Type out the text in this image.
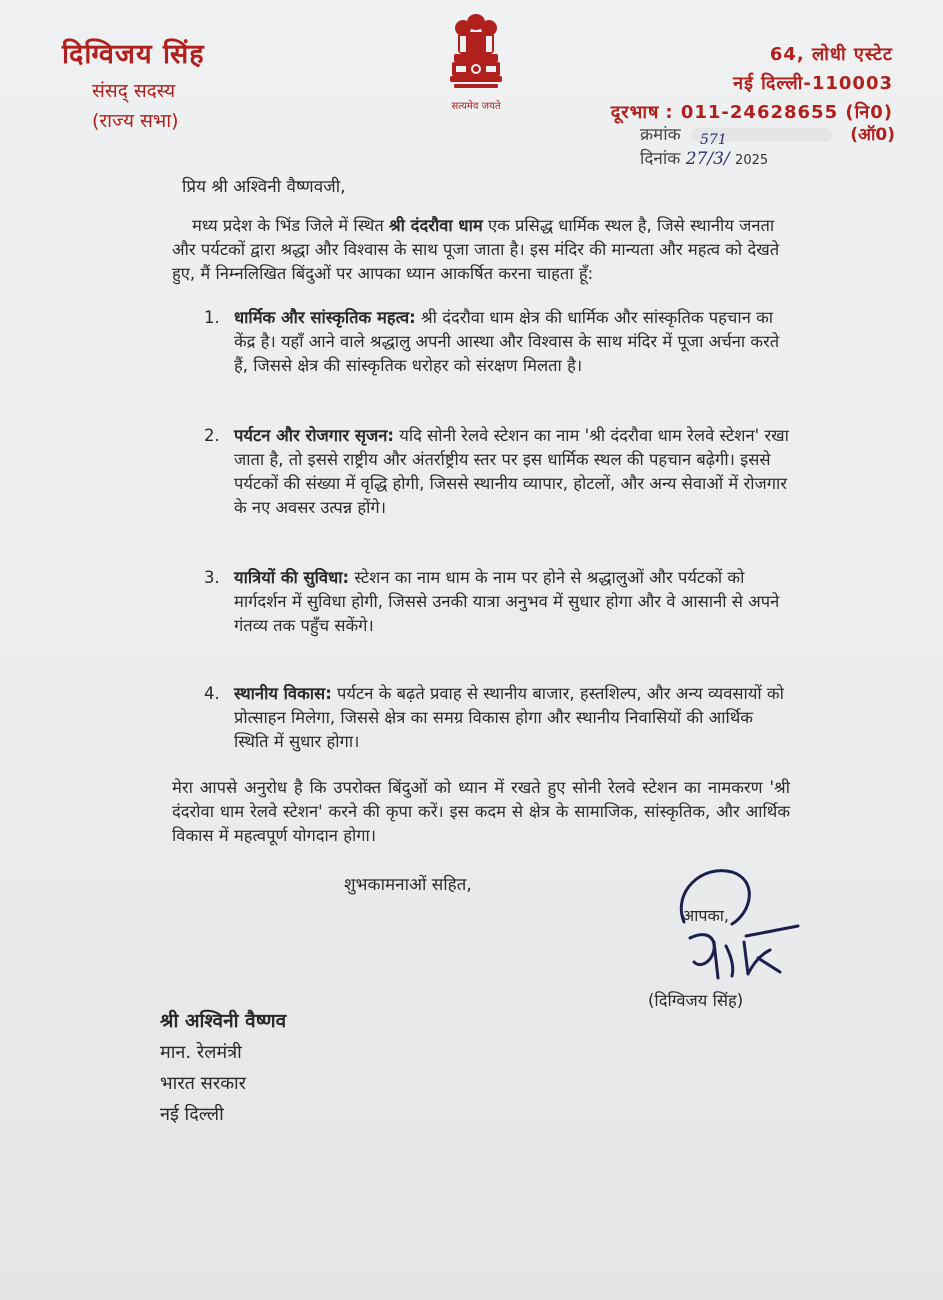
दिग्विजय सिंह
संसद् सदस्य
(राज्य सभा)
सत्यमेव जयते
64, लोधी एस्टेट
नई दिल्ली-110003
दूरभाष : 011-24628655 (नि0)
क्रमांक	(ऑ0)
571
दिनांक 27/3/ 2025
प्रिय श्री अश्विनी वैष्णवजी,
मध्य प्रदेश के भिंड जिले में स्थित श्री दंदरौवा धाम एक प्रसिद्ध धार्मिक स्थल है, जिसे स्थानीय जनता और पर्यटकों द्वारा श्रद्धा और विश्वास के साथ पूजा जाता है। इस मंदिर की मान्यता और महत्व को देखते हुए, मैं निम्नलिखित बिंदुओं पर आपका ध्यान आकर्षित करना चाहता हूँ:
1. धार्मिक और सांस्कृतिक महत्व: श्री दंदरौवा धाम क्षेत्र की धार्मिक और सांस्कृतिक पहचान का केंद्र है। यहाँ आने वाले श्रद्धालु अपनी आस्था और विश्वास के साथ मंदिर में पूजा अर्चना करते हैं, जिससे क्षेत्र की सांस्कृतिक धरोहर को संरक्षण मिलता है।
2. पर्यटन और रोजगार सृजन: यदि सोनी रेलवे स्टेशन का नाम 'श्री दंदरौवा धाम रेलवे स्टेशन' रखा जाता है, तो इससे राष्ट्रीय और अंतर्राष्ट्रीय स्तर पर इस धार्मिक स्थल की पहचान बढ़ेगी। इससे पर्यटकों की संख्या में वृद्धि होगी, जिससे स्थानीय व्यापार, होटलों, और अन्य सेवाओं में रोजगार के नए अवसर उत्पन्न होंगे।
3. यात्रियों की सुविधा: स्टेशन का नाम धाम के नाम पर होने से श्रद्धालुओं और पर्यटकों को मार्गदर्शन में सुविधा होगी, जिससे उनकी यात्रा अनुभव में सुधार होगा और वे आसानी से अपने गंतव्य तक पहुँच सकेंगे।
4. स्थानीय विकास: पर्यटन के बढ़ते प्रवाह से स्थानीय बाजार, हस्तशिल्प, और अन्य व्यवसायों को प्रोत्साहन मिलेगा, जिससे क्षेत्र का समग्र विकास होगा और स्थानीय निवासियों की आर्थिक स्थिति में सुधार होगा।
मेरा आपसे अनुरोध है कि उपरोक्त बिंदुओं को ध्यान में रखते हुए सोनी रेलवे स्टेशन का नामकरण 'श्री दंदरोवा धाम रेलवे स्टेशन' करने की कृपा करें। इस कदम से क्षेत्र के सामाजिक, सांस्कृतिक, और आर्थिक विकास में महत्वपूर्ण योगदान होगा।
शुभकामनाओं सहित,
आपका,
(दिग्विजय सिंह)
श्री अश्विनी वैष्णव
मान. रेलमंत्री
भारत सरकार
नई दिल्ली
